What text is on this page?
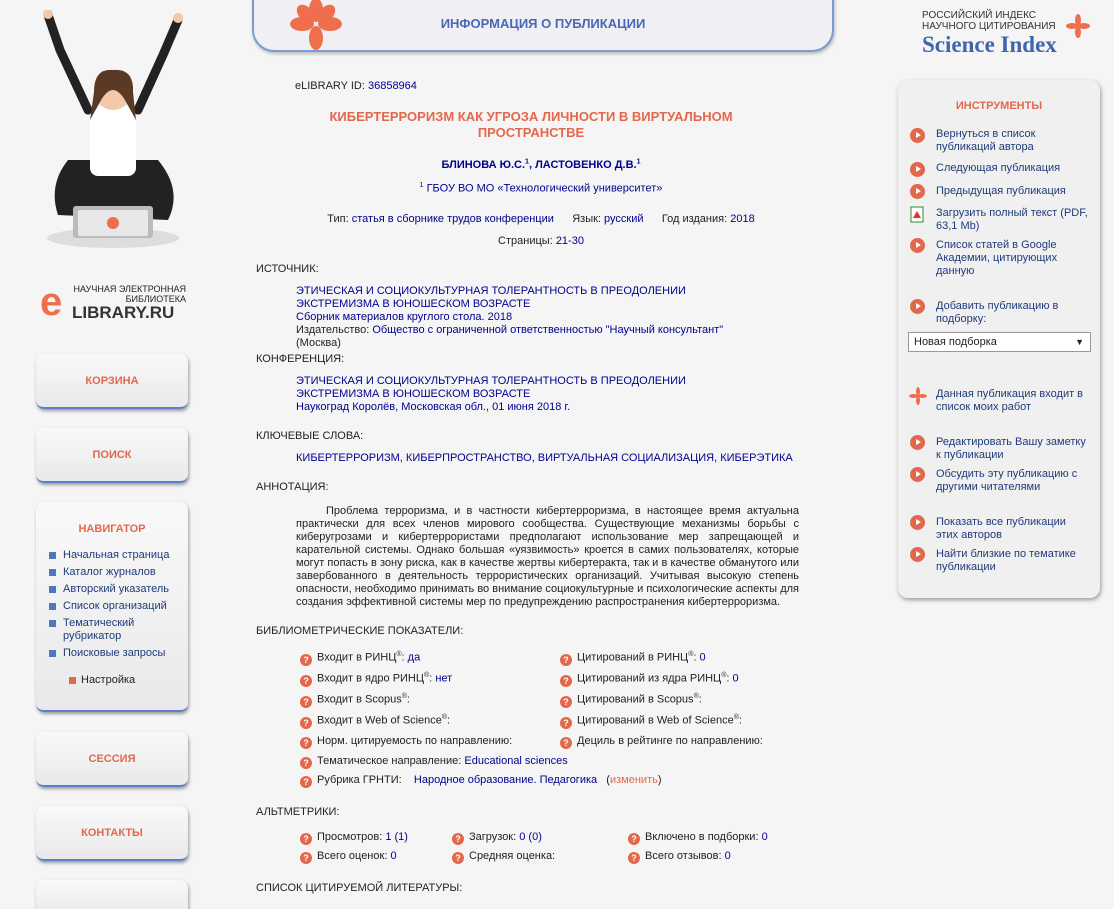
e	НАУЧНАЯ ЭЛЕКТРОННАЯ
БИБЛИОТЕКА
LIBRARY.RU
КОРЗИНА
ПОИСК
НАВИГАТОР
Начальная страница
Каталог журналов
Авторский указатель
Список организаций
Тематический рубрикатор
Поисковые запросы
Настройка
СЕССИЯ
КОНТАКТЫ
ИНФОРМАЦИЯ О ПУБЛИКАЦИИ
eLIBRARY ID: 36858964
КИБЕРТЕРРОРИЗМ КАК УГРОЗА ЛИЧНОСТИ В ВИРТУАЛЬНОМ ПРОСТРАНСТВЕ
БЛИНОВА Ю.С.$^1$, ЛАСТОВЕНКО Д.В.$^1$
$^1$ ГБОУ ВО МО «Технологический университет»
Тип: статья в сборнике трудов конференции Язык: русский Год издания: 2018
Страницы: 21-30
ИСТОЧНИК:
ЭТИЧЕСКАЯ И СОЦИОКУЛЬТУРНАЯ ТОЛЕРАНТНОСТЬ В ПРЕОДОЛЕНИИ ЭКСТРЕМИЗМА В ЮНОШЕСКОМ ВОЗРАСТЕ
Сборник материалов круглого стола. 2018
Издательство: Общество с ограниченной ответственностью "Научный консультант" (Москва)
КОНФЕРЕНЦИЯ:
ЭТИЧЕСКАЯ И СОЦИОКУЛЬТУРНАЯ ТОЛЕРАНТНОСТЬ В ПРЕОДОЛЕНИИ ЭКСТРЕМИЗМА В ЮНОШЕСКОМ ВОЗРАСТЕ
Наукоград Королёв, Московская обл., 01 июня 2018 г.
КЛЮЧЕВЫЕ СЛОВА:
КИБЕРТЕРРОРИЗМ, КИБЕРПРОСТРАНСТВО, ВИРТУАЛЬНАЯ СОЦИАЛИЗАЦИЯ, КИБЕРЭТИКА
АННОТАЦИЯ:
Проблема терроризма, и в частности кибертерроризма, в настоящее время актуальна практически для всех членов мирового сообщества. Существующие механизмы борьбы с киберугрозами и кибертеррористами предполагают использование мер запрещающей и карательной системы. Однако большая «уязвимость» кроется в самих пользователях, которые могут попасть в зону риска, как в качестве жертвы кибертеракта, так и в качестве обманутого или завербованного в деятельность террористических организаций. Учитывая высокую степень опасности, необходимо принимать во внимание социокультурные и психологические аспекты для создания эффективной системы мер по предупреждению распространения кибертерроризма.
БИБЛИОМЕТРИЧЕСКИЕ ПОКАЗАТЕЛИ:
? Входит в РИНЦ®: да
? Входит в ядро РИНЦ®: нет
? Входит в Scopus®:
? Входит в Web of Science®:
? Норм. цитируемость по направлению:
? Тематическое направление: Educational sciences
? Рубрика ГРНТИ: Народное образование. Педагогика   (изменить)
? Цитирований в РИНЦ®: 0
? Цитирований из ядра РИНЦ®: 0
? Цитирований в Scopus®:
? Цитирований в Web of Science®:
? Дециль в рейтинге по направлению:
АЛЬТМЕТРИКИ:
? Просмотров: 1 (1)
? Всего оценок: 0
? Загрузок: 0 (0)
? Средняя оценка:
? Включено в подборки: 0
? Всего отзывов: 0
СПИСОК ЦИТИРУЕМОЙ ЛИТЕРАТУРЫ:
РОССИЙСКИЙ ИНДЕКС
НАУЧНОГО ЦИТИРОВАНИЯ
Science Index
ИНСТРУМЕНТЫ
Вернуться в список публикаций автора
Следующая публикация
Предыдущая публикация
Загрузить полный текст (PDF, 63,1 Mb)
Список статей в Google Академии, цитирующих данную
Добавить публикацию в подборку:
Данная публикация входит в список моих работ
Редактировать Вашу заметку к публикации
Обсудить эту публикацию с другими читателями
Показать все публикации этих авторов
Найти близкие по тематике публикации
Новая подборка	▼
